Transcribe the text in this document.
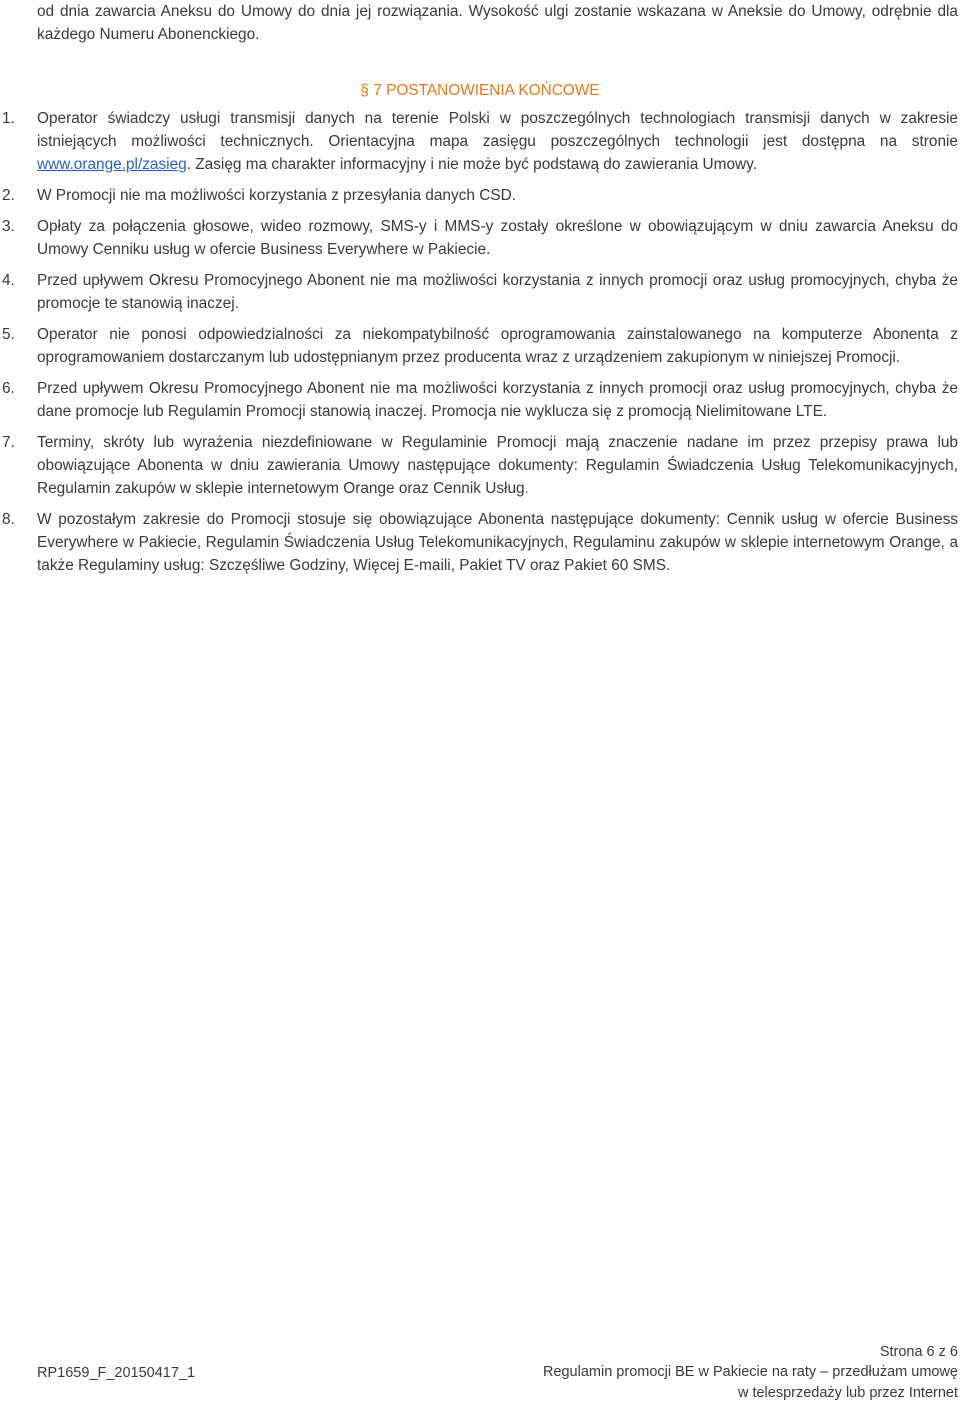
od dnia zawarcia Aneksu do Umowy do dnia jej rozwiązania. Wysokość ulgi zostanie wskazana w Aneksie do Umowy, odrębnie dla każdego Numeru Abonenckiego.

§ 7 POSTANOWIENIA KOŃCOWE
1. Operator świadczy usługi transmisji danych na terenie Polski w poszczególnych technologiach transmisji danych w zakresie istniejących możliwości technicznych. Orientacyjna mapa zasięgu poszczególnych technologii jest dostępna na stronie www.orange.pl/zasieg. Zasięg ma charakter informacyjny i nie może być podstawą do zawierania Umowy.
2. W Promocji nie ma możliwości korzystania z przesyłania danych CSD.
3. Opłaty za połączenia głosowe, wideo rozmowy, SMS-y i MMS-y zostały określone w obowiązującym w dniu zawarcia Aneksu do Umowy Cenniku usług w ofercie Business Everywhere w Pakiecie.
4. Przed upływem Okresu Promocyjnego Abonent nie ma możliwości korzystania z innych promocji oraz usług promocyjnych, chyba że promocje te stanowią inaczej.
5. Operator nie ponosi odpowiedzialności za niekompatybilność oprogramowania zainstalowanego na komputerze Abonenta z oprogramowaniem dostarczanym lub udostępnianym przez producenta wraz z urządzeniem zakupionym w niniejszej Promocji.
6. Przed upływem Okresu Promocyjnego Abonent nie ma możliwości korzystania z innych promocji oraz usług promocyjnych, chyba że dane promocje lub Regulamin Promocji stanowią inaczej. Promocja nie wyklucza się z promocją Nielimitowane LTE.
7. Terminy, skróty lub wyrażenia niezdefiniowane w Regulaminie Promocji mają znaczenie nadane im przez przepisy prawa lub obowiązujące Abonenta w dniu zawierania Umowy następujące dokumenty: Regulamin Świadczenia Usług Telekomunikacyjnych, Regulamin zakupów w sklepie internetowym Orange oraz Cennik Usług.
8. W pozostałym zakresie do Promocji stosuje się obowiązujące Abonenta następujące dokumenty: Cennik usług w ofercie Business Everywhere w Pakiecie, Regulamin Świadczenia Usług Telekomunikacyjnych, Regulaminu zakupów w sklepie internetowym Orange, a także Regulaminy usług: Szczęśliwe Godziny, Więcej E-maili, Pakiet TV oraz Pakiet 60 SMS.
Strona 6 z 6
RP1659_F_20150417_1	Regulamin promocji BE w Pakiecie na raty – przedłużam umowę
w telesprzedaży lub przez Internet
